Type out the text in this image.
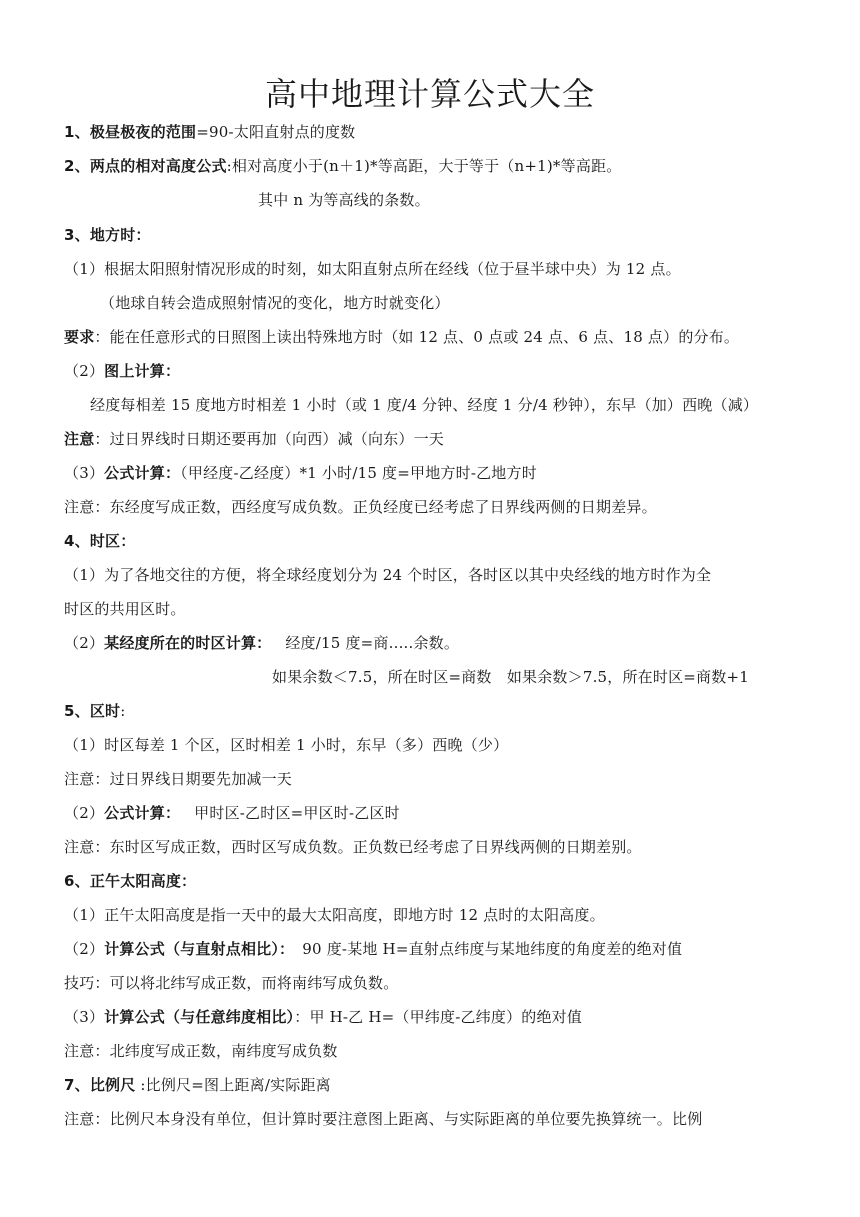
高中地理计算公式大全
1、极昼极夜的范围=90-太阳直射点的度数
2、两点的相对高度公式:相对高度小于(n＋1)*等高距，大于等于（n+1)*等高距。
其中 n 为等高线的条数。
3、地方时：
（1）根据太阳照射情况形成的时刻，如太阳直射点所在经线（位于昼半球中央）为 12 点。
（地球自转会造成照射情况的变化，地方时就变化）
要求：能在任意形式的日照图上读出特殊地方时（如 12 点、0 点或 24 点、6 点、18 点）的分布。
（2）图上计算：
经度每相差 15 度地方时相差 1 小时（或 1 度/4 分钟、经度 1 分/4 秒钟），东早（加）西晚（减）
注意：过日界线时日期还要再加（向西）减（向东）一天
（3）公式计算：（甲经度-乙经度）*1 小时/15 度=甲地方时-乙地方时
注意：东经度写成正数，西经度写成负数。正负经度已经考虑了日界线两侧的日期差异。
4、时区：
（1）为了各地交往的方便，将全球经度划分为 24 个时区，各时区以其中央经线的地方时作为全
时区的共用区时。
（2）某经度所在的时区计算： 经度/15 度=商.....余数。
如果余数＜7.5，所在时区=商数　如果余数＞7.5，所在时区=商数+1
5、区时:
（1）时区每差 1 个区，区时相差 1 小时，东早（多）西晚（少）
注意：过日界线日期要先加减一天
（2）公式计算： 甲时区-乙时区=甲区时-乙区时
注意：东时区写成正数，西时区写成负数。正负数已经考虑了日界线两侧的日期差别。
6、正午太阳高度：
（1）正午太阳高度是指一天中的最大太阳高度，即地方时 12 点时的太阳高度。
（2）计算公式（与直射点相比）： 90 度-某地 H=直射点纬度与某地纬度的角度差的绝对值
技巧：可以将北纬写成正数，而将南纬写成负数。
（3）计算公式（与任意纬度相比）：甲 H-乙 H=（甲纬度-乙纬度）的绝对值
注意：北纬度写成正数，南纬度写成负数
7、比例尺 :比例尺=图上距离/实际距离
注意：比例尺本身没有单位，但计算时要注意图上距离、与实际距离的单位要先换算统一。比例
